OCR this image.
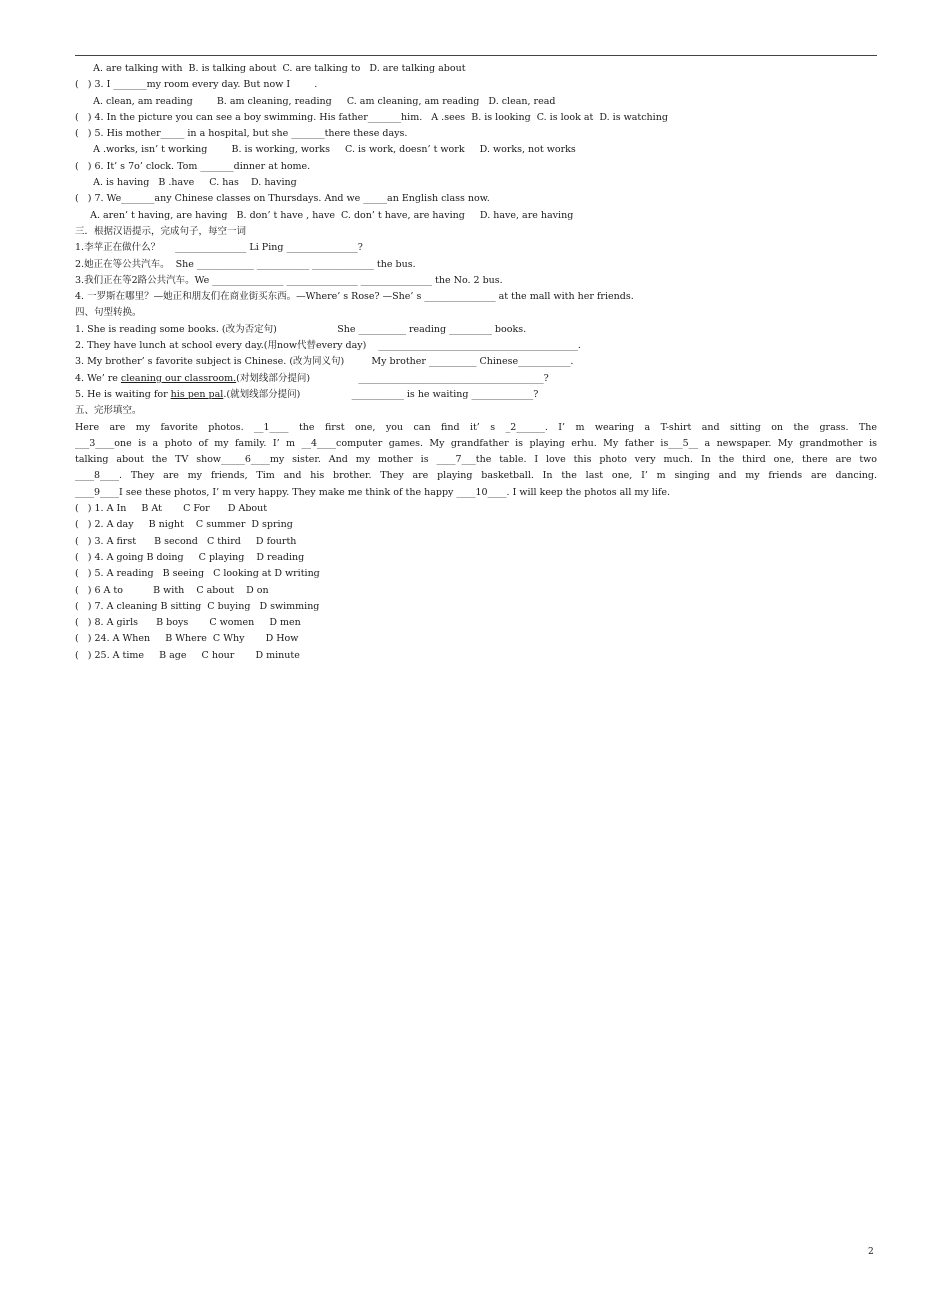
A. are talking with  B. is talking about  C. are talking to   D. are talking about
(   ) 3. I _______my room every day. But now I        .
A. clean, am reading        B. am cleaning, reading     C. am cleaning, am reading   D. clean, read
(   ) 4. In the picture you can see a boy swimming. His father_______him.   A .sees  B. is looking  C. is look at  D. is watching
(   ) 5. His mother_____ in a hospital, but she _______there these days.
A .works, isn’ t working        B. is working, works     C. is work, doesn’ t work     D. works, not works
(   ) 6. It’ s 7o’ clock. Tom _______dinner at home.
A. is having   B .have     C. has    D. having
(   ) 7. We_______any Chinese classes on Thursdays. And we _____an English class now.
A. aren’ t having, are having   B. don’ t have , have  C. don’ t have, are having     D. have, are having
三．根据汉语提示，完成句子，每空一词
1.李苹正在做什么？     _______________ Li Ping _______________?
2.她正在等公共汽车。  She ____________ ___________ _____________ the bus.
3.我们正在等2路公共汽车。We _______________ _______________ _______________ the No. 2 bus.
4. 一罗斯在哪里？—她正和朋友们在商业街买东西。—Where’ s Rose? —She’ s _______________ at the mall with her friends.
四、句型转换。
1. She is reading some books. (改为否定句)                    She __________ reading _________ books.
2. They have lunch at school every day.(用now代替every day)    __________________________________________.
3. My brother’ s favorite subject is Chinese. (改为同义句)         My brother __________ Chinese___________.
4. We’ re cleaning our classroom.(对划线部分提问)                _______________________________________?
5. He is waiting for his pen pal.(就划线部分提问)                 ___________ is he waiting _____________?
五、完形填空。
Here are my favorite photos. __1____ the first one, you can find it’ s _2______. I’ m wearing a T-shirt and sitting on the grass. The
___3____one is a photo of my family. I’ m __4____computer games. My grandfather is playing erhu. My father is___5__ a newspaper. My grandmother is
talking about the TV show_____6____my sister. And my mother is ____7___the table. I love this photo very much. In the third one, there are two
____8____. They are my friends, Tim and his brother. They are playing basketball. In the last one, I’ m singing and my friends are dancing.
____9____I see these photos, I’ m very happy. They make me think of the happy ____10____. I will keep the photos all my life.
(   ) 1. A In     B At       C For      D About
(   ) 2. A day     B night    C summer  D spring
(   ) 3. A first      B second   C third     D fourth
(   ) 4. A going B doing     C playing    D reading
(   ) 5. A reading   B seeing   C looking at D writing
(   ) 6 A to          B with    C about    D on
(   ) 7. A cleaning B sitting  C buying   D swimming
(   ) 8. A girls      B boys       C women     D men
(   ) 24. A When     B Where  C Why       D How
(   ) 25. A time     B age     C hour       D minute
2
